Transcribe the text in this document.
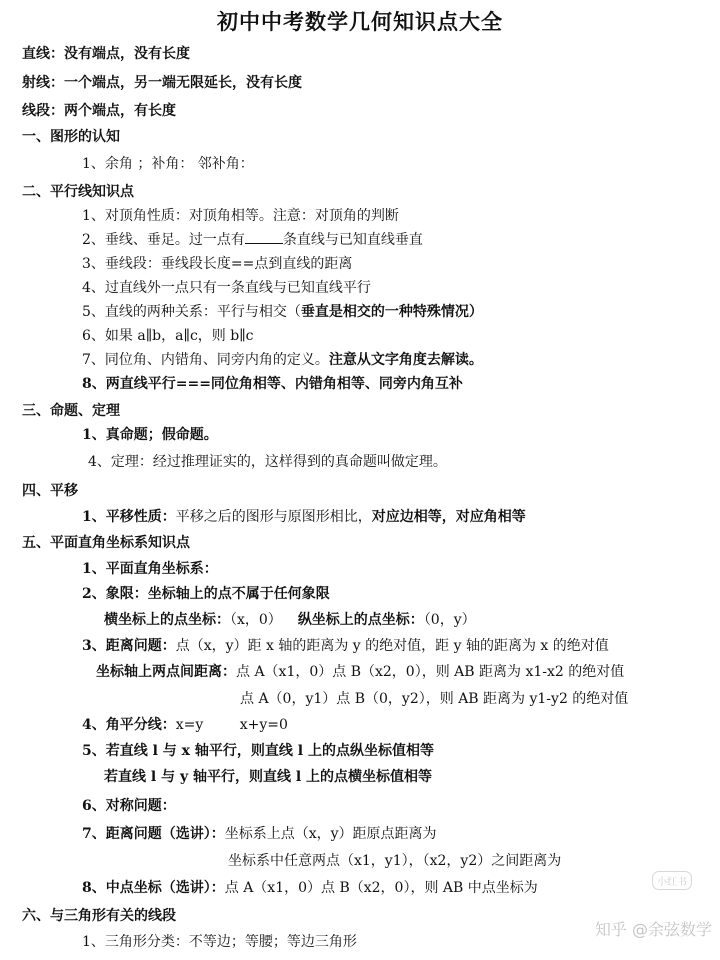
初中中考数学几何知识点大全
直线：没有端点，没有长度
射线：一个端点，另一端无限延长，没有长度
线段：两个端点，有长度
一、图形的认知
1、余角 ；补角： 邻补角：
二、平行线知识点
1、对顶角性质：对顶角相等。注意：对顶角的判断
2、垂线、垂足。过一点有	条直线与已知直线垂直
3、垂线段：垂线段长度==点到直线的距离
4、过直线外一点只有一条直线与已知直线平行
5、直线的两种关系：平行与相交（垂直是相交的一种特殊情况）
6、如果 a∥b，a∥c，则 b∥c
7、同位角、内错角、同旁内角的定义。注意从文字角度去解读。
8、两直线平行===同位角相等、内错角相等、同旁内角互补
三、命题、定理
1、真命题；假命题。
4、定理：经过推理证实的，这样得到的真命题叫做定理。
四、平移
1、平移性质：平移之后的图形与原图形相比，对应边相等，对应角相等
五、平面直角坐标系知识点
1、平面直角坐标系：
2、象限：坐标轴上的点不属于任何象限
横坐标上的点坐标：（x，0） 纵坐标上的点坐标：（0，y）
3、距离问题：点（x，y）距 x 轴的距离为 y 的绝对值，距 y 轴的距离为 x 的绝对值
坐标轴上两点间距离：点 A（x1，0）点 B（x2，0），则 AB 距离为 x1-x2 的绝对值
点 A（0，y1）点 B（0，y2），则 AB 距离为 y1-y2 的绝对值
4、角平分线：x=y	x+y=0
5、若直线 l 与 x 轴平行，则直线 l 上的点纵坐标值相等
若直线 l 与 y 轴平行，则直线 l 上的点横坐标值相等
6、对称问题：
7、距离问题（选讲）：坐标系上点（x，y）距原点距离为
坐标系中任意两点（x1，y1），（x2，y2）之间距离为
8、中点坐标（选讲）：点 A（x1，0）点 B（x2，0），则 AB 中点坐标为
六、与三角形有关的线段
1、三角形分类：不等边；等腰；等边三角形
小红书
知乎 @余弦数学
